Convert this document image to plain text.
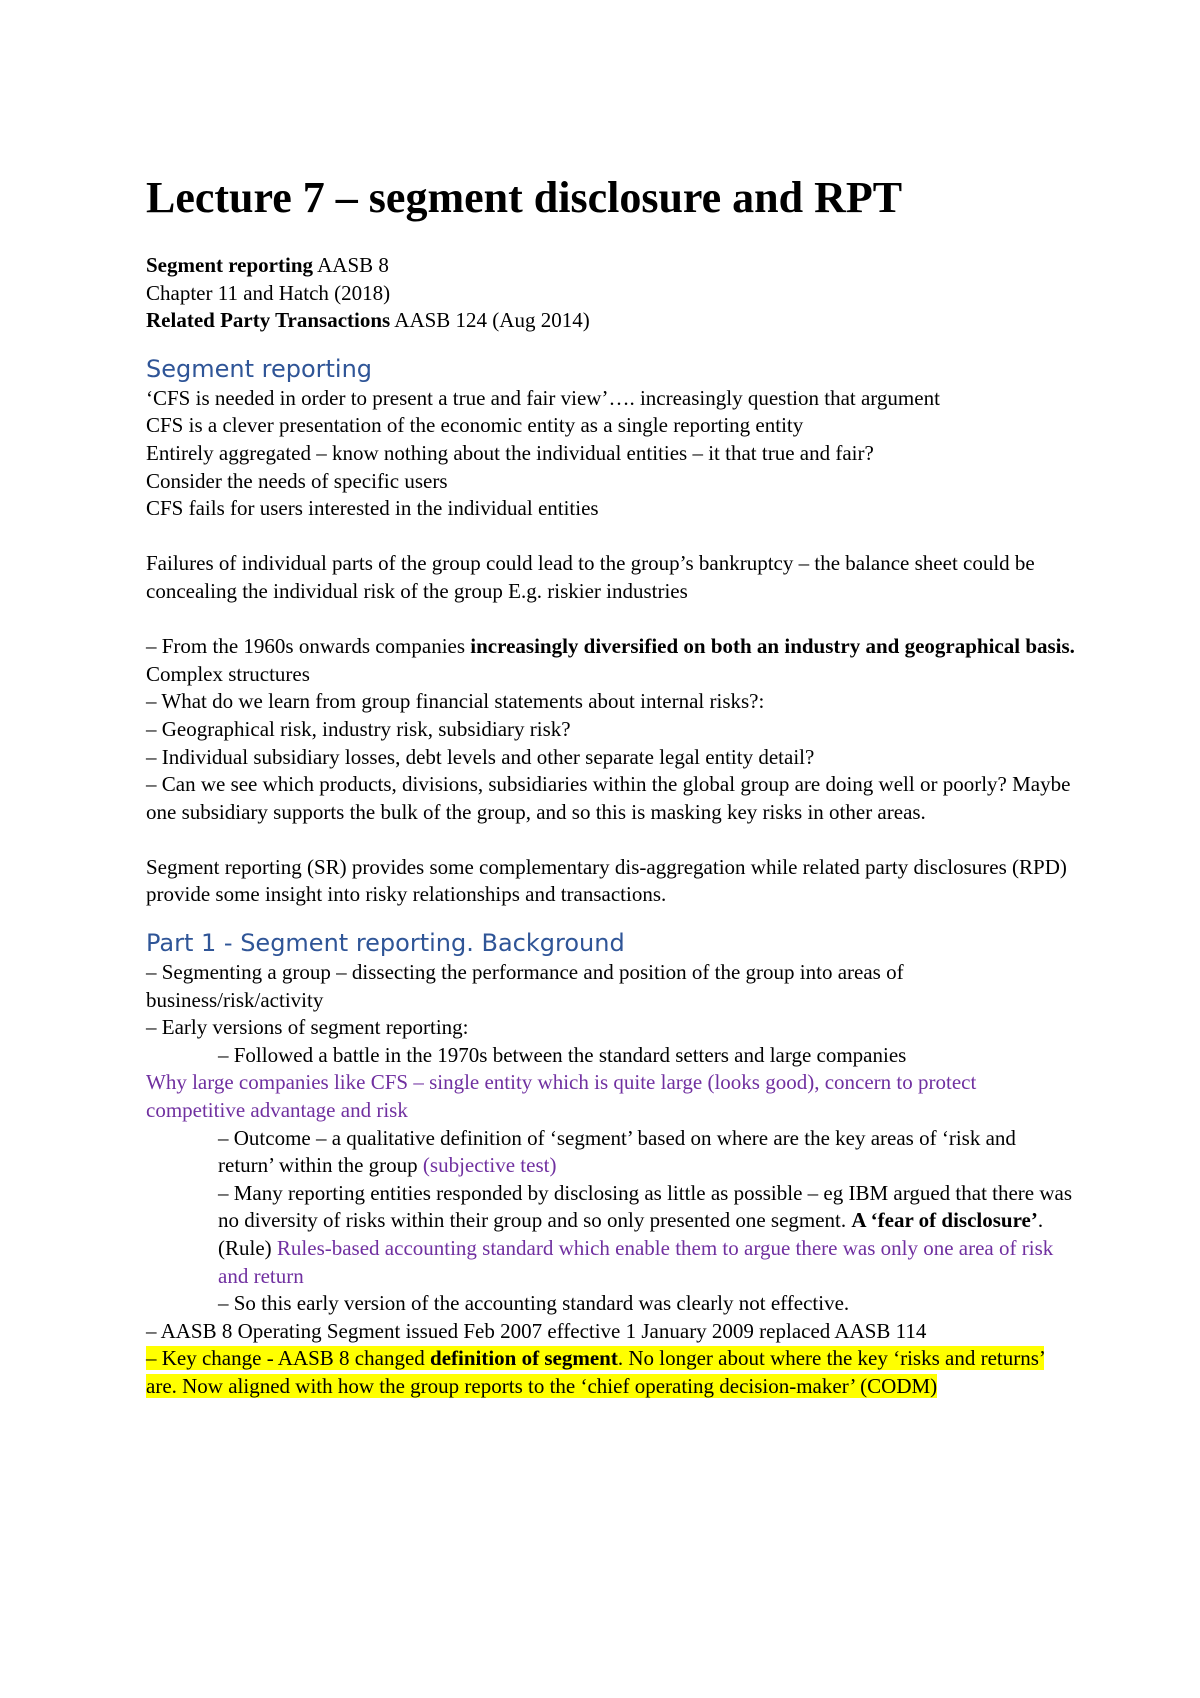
Lecture 7 – segment disclosure and RPT

Segment reporting AASB 8

Chapter 11 and Hatch (2018)

Related Party Transactions AASB 124 (Aug 2014)

Segment reporting

‘CFS is needed in order to present a true and fair view’…. increasingly question that argument

CFS is a clever presentation of the economic entity as a single reporting entity

Entirely aggregated – know nothing about the individual entities – it that true and fair?

Consider the needs of specific users

CFS fails for users interested in the individual entities

Failures of individual parts of the group could lead to the group’s bankruptcy – the balance sheet could be concealing the individual risk of the group E.g. riskier industries

– From the 1960s onwards companies increasingly diversified on both an industry and geographical basis. Complex structures

– What do we learn from group financial statements about internal risks?:

– Geographical risk, industry risk, subsidiary risk?

– Individual subsidiary losses, debt levels and other separate legal entity detail?

– Can we see which products, divisions, subsidiaries within the global group are doing well or poorly? Maybe one subsidiary supports the bulk of the group, and so this is masking key risks in other areas.

Segment reporting (SR) provides some complementary dis-aggregation while related party disclosures (RPD) provide some insight into risky relationships and transactions.

Part 1 - Segment reporting. Background

– Segmenting a group – dissecting the performance and position of the group into areas of business/risk/activity

– Early versions of segment reporting:

– Followed a battle in the 1970s between the standard setters and large companies

Why large companies like CFS – single entity which is quite large (looks good), concern to protect competitive advantage and risk

– Outcome – a qualitative definition of ‘segment’ based on where are the key areas of ‘risk and return’ within the group (subjective test)

– Many reporting entities responded by disclosing as little as possible – eg IBM argued that there was no diversity of risks within their group and so only presented one segment. A ‘fear of disclosure’. (Rule) Rules-based accounting standard which enable them to argue there was only one area of risk and return

– So this early version of the accounting standard was clearly not effective.

– AASB 8 Operating Segment issued Feb 2007 effective 1 January 2009 replaced AASB 114

– Key change - AASB 8 changed definition of segment. No longer about where the key ‘risks and returns’ are. Now aligned with how the group reports to the ‘chief operating decision-maker’ (CODM)
